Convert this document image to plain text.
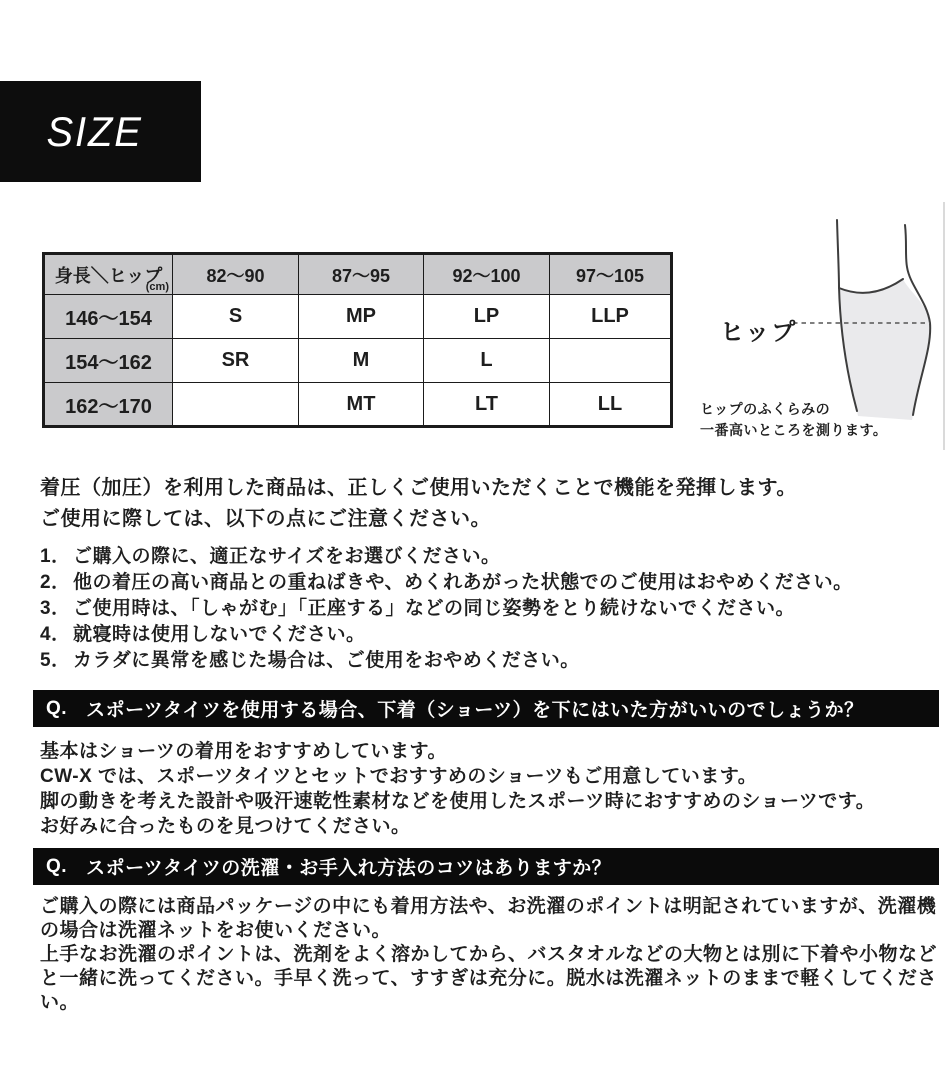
SIZE
身長＼ヒップ
(cm)	82～90	87～95	92～100	97～105
146～154	S	MP	LP	LLP
154～162	SR	M	L	
162～170		MT	LT	LL
ヒップ
ヒップのふくらみの
一番高いところを測ります。
着圧（加圧）を利用した商品は、正しくご使用いただくことで機能を発揮します。
ご使用に際しては、以下の点にご注意ください。
1． ご購入の際に、適正なサイズをお選びください。
2． 他の着圧の高い商品との重ねばきや、めくれあがった状態でのご使用はおやめください。
3． ご使用時は、「しゃがむ」「正座する」などの同じ姿勢をとり続けないでください。
4． 就寝時は使用しないでください。
5． カラダに異常を感じた場合は、ご使用をおやめください。
Q. スポーツタイツを使用する場合、下着（ショーツ）を下にはいた方がいいのでしょうか？
基本はショーツの着用をおすすめしています。
CW-X では、スポーツタイツとセットでおすすめのショーツもご用意しています。
脚の動きを考えた設計や吸汗速乾性素材などを使用したスポーツ時におすすめのショーツです。
お好みに合ったものを見つけてください。
Q. スポーツタイツの洗濯・お手入れ方法のコツはありますか？

ご購入の際には商品パッケージの中にも着用方法や、お洗濯のポイントは明記されていますが、洗濯機の場合は洗濯ネットをお使いください。

上手なお洗濯のポイントは、洗剤をよく溶かしてから、バスタオルなどの大物とは別に下着や小物などと一緒に洗ってください。手早く洗って、すすぎは充分に。脱水は洗濯ネットのままで軽くしてください。
